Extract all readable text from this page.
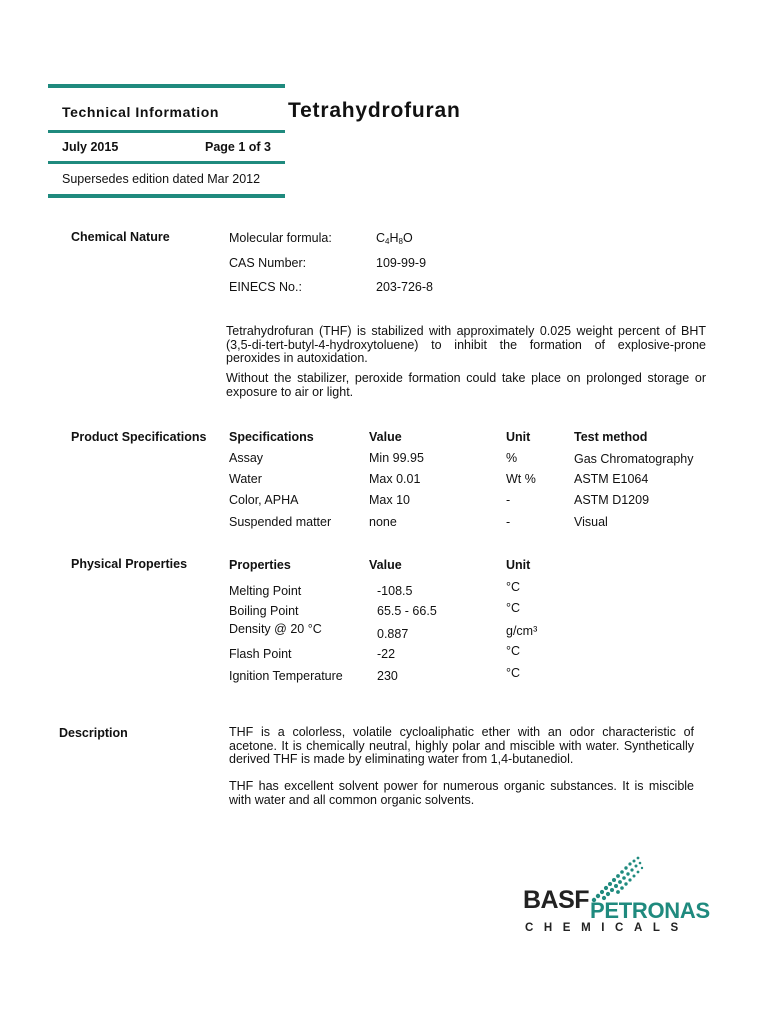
Technical Information	Tetrahydrofuran
July 2015	Page 1 of 3
Supersedes edition dated Mar 2012
Chemical Nature	Molecular formula:	$C_4H_8O$
CAS Number:	109-99-9
EINECS No.:	203-726-8
Tetrahydrofuran (THF) is stabilized with approximately 0.025 weight percent of BHT (3,5-di-tert-butyl-4-hydroxytoluene) to inhibit the formation of explosive-prone peroxides in autoxidation.
Without the stabilizer, peroxide formation could take place on prolonged storage or exposure to air or light.
Product Specifications Specifications	Value	Unit	Test method
Assay	Min 99.95	%	Gas Chromatography
Water	Max 0.01	Wt %	ASTM E1064
Color, APHA	Max 10	-	ASTM D1209
Suspended matter	none	-	Visual
Physical Properties	Properties	Value	Unit
Melting Point	-108.5	°C
Boiling Point	65.5 - 66.5	°C
Density @ 20 °C	0.887	g/cm³
Flash Point	-22	°C
Ignition Temperature	230	°C
Description	THF is a colorless, volatile cycloaliphatic ether with an odor characteristic of acetone. It is chemically neutral, highly polar and miscible with water. Synthetically derived THF is made by eliminating water from 1,4-butanediol.
THF has excellent solvent power for numerous organic substances. It is miscible with water and all common organic solvents.
BASF PETRONAS
CHEMICALS
